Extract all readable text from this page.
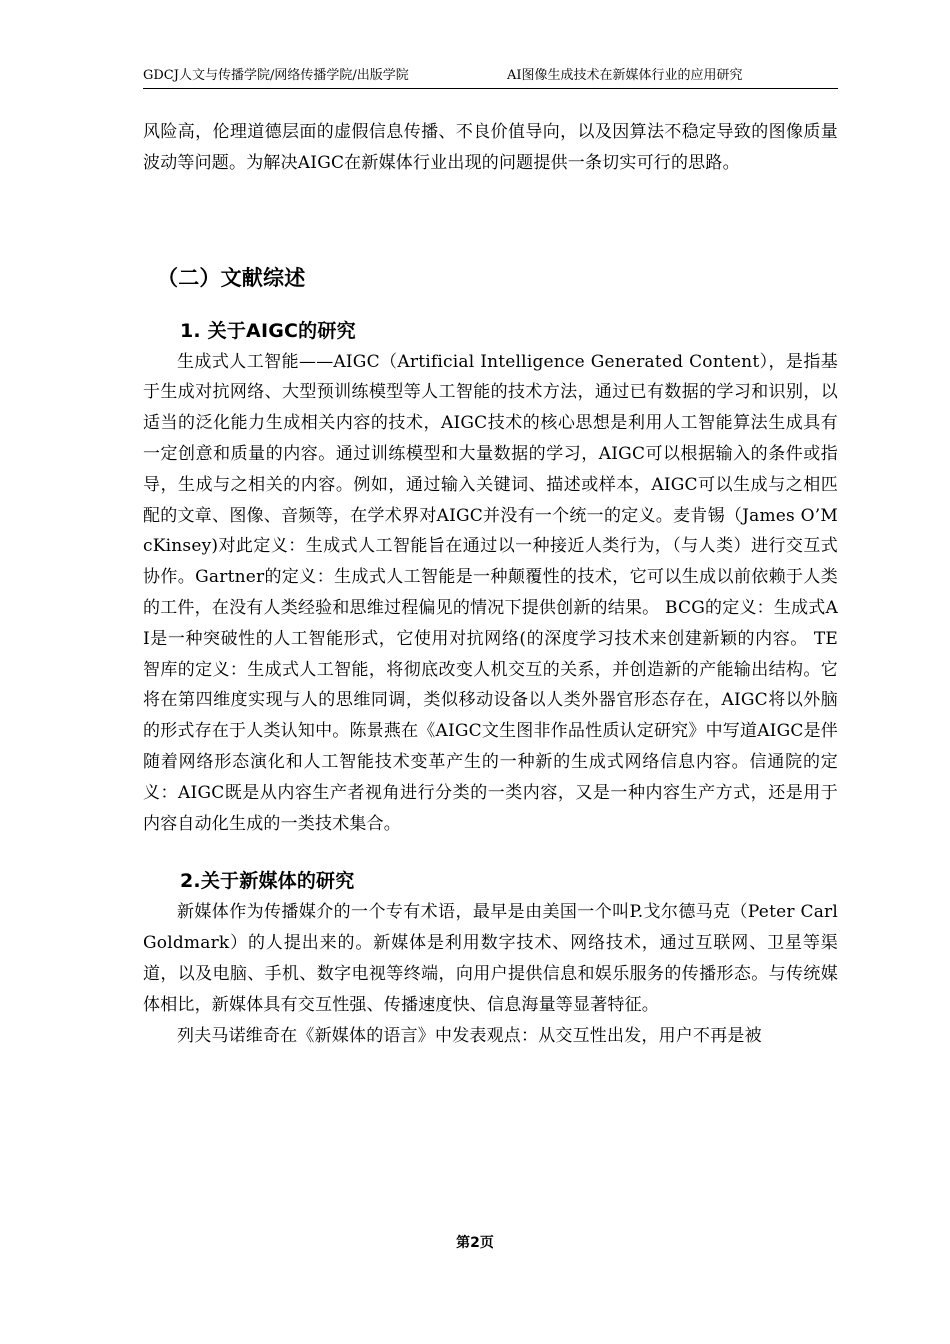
GDCJ人文与传播学院/网络传播学院/出版学院	AI图像生成技术在新媒体行业的应用研究

风险高，伦理道德层面的虚假信息传播、不良价值导向，以及因算法不稳定导致的图像质量波动等问题。为解决AIGC在新媒体行业出现的问题提供一条切实可行的思路。

（二）文献综述
1. 关于AIGC的研究

生成式人工智能——AIGC（Artificial Intelligence Generated Content），是指基于生成对抗网络、大型预训练模型等人工智能的技术方法，通过已有数据的学习和识别，以适当的泛化能力生成相关内容的技术，AIGC技术的核心思想是利用人工智能算法生成具有一定创意和质量的内容。通过训练模型和大量数据的学习，AIGC可以根据输入的条件或指导，生成与之相关的内容。例如，通过输入关键词、描述或样本，AIGC可以生成与之相匹配的文章、图像、音频等，在学术界对AIGC并没有一个统一的定义。麦肯锡（James O’McKinsey)对此定义：生成式人工智能旨在通过以一种接近人类行为，（与人类）进行交互式协作。Gartner的定义：生成式人工智能是一种颠覆性的技术，它可以生成以前依赖于人类的工件，在没有人类经验和思维过程偏见的情况下提供创新的结果。 BCG的定义：生成式AI是一种突破性的人工智能形式，它使用对抗网络(的深度学习技术来创建新颖的内容。 TE智库的定义：生成式人工智能，将彻底改变人机交互的关系，并创造新的产能输出结构。它将在第四维度实现与人的思维同调，类似移动设备以人类外器官形态存在，AIGC将以外脑的形式存在于人类认知中。陈景燕在《AIGC文生图非作品性质认定研究》中写道AIGC是伴随着网络形态演化和人工智能技术变革产生的一种新的生成式网络信息内容。信通院的定义：AIGC既是从内容生产者视角进行分类的一类内容，又是一种内容生产方式，还是用于内容自动化生成的一类技术集合。

2.关于新媒体的研究

新媒体作为传播媒介的一个专有术语，最早是由美国一个叫P.戈尔德马克（Peter Carl Goldmark）的人提出来的。新媒体是利用数字技术、网络技术，通过互联网、卫星等渠道，以及电脑、手机、数字电视等终端，向用户提供信息和娱乐服务的传播形态。与传统媒体相比，新媒体具有交互性强、传播速度快、信息海量等显著特征。

列夫马诺维奇在《新媒体的语言》中发表观点：从交互性出发，用户不再是被

第2页
